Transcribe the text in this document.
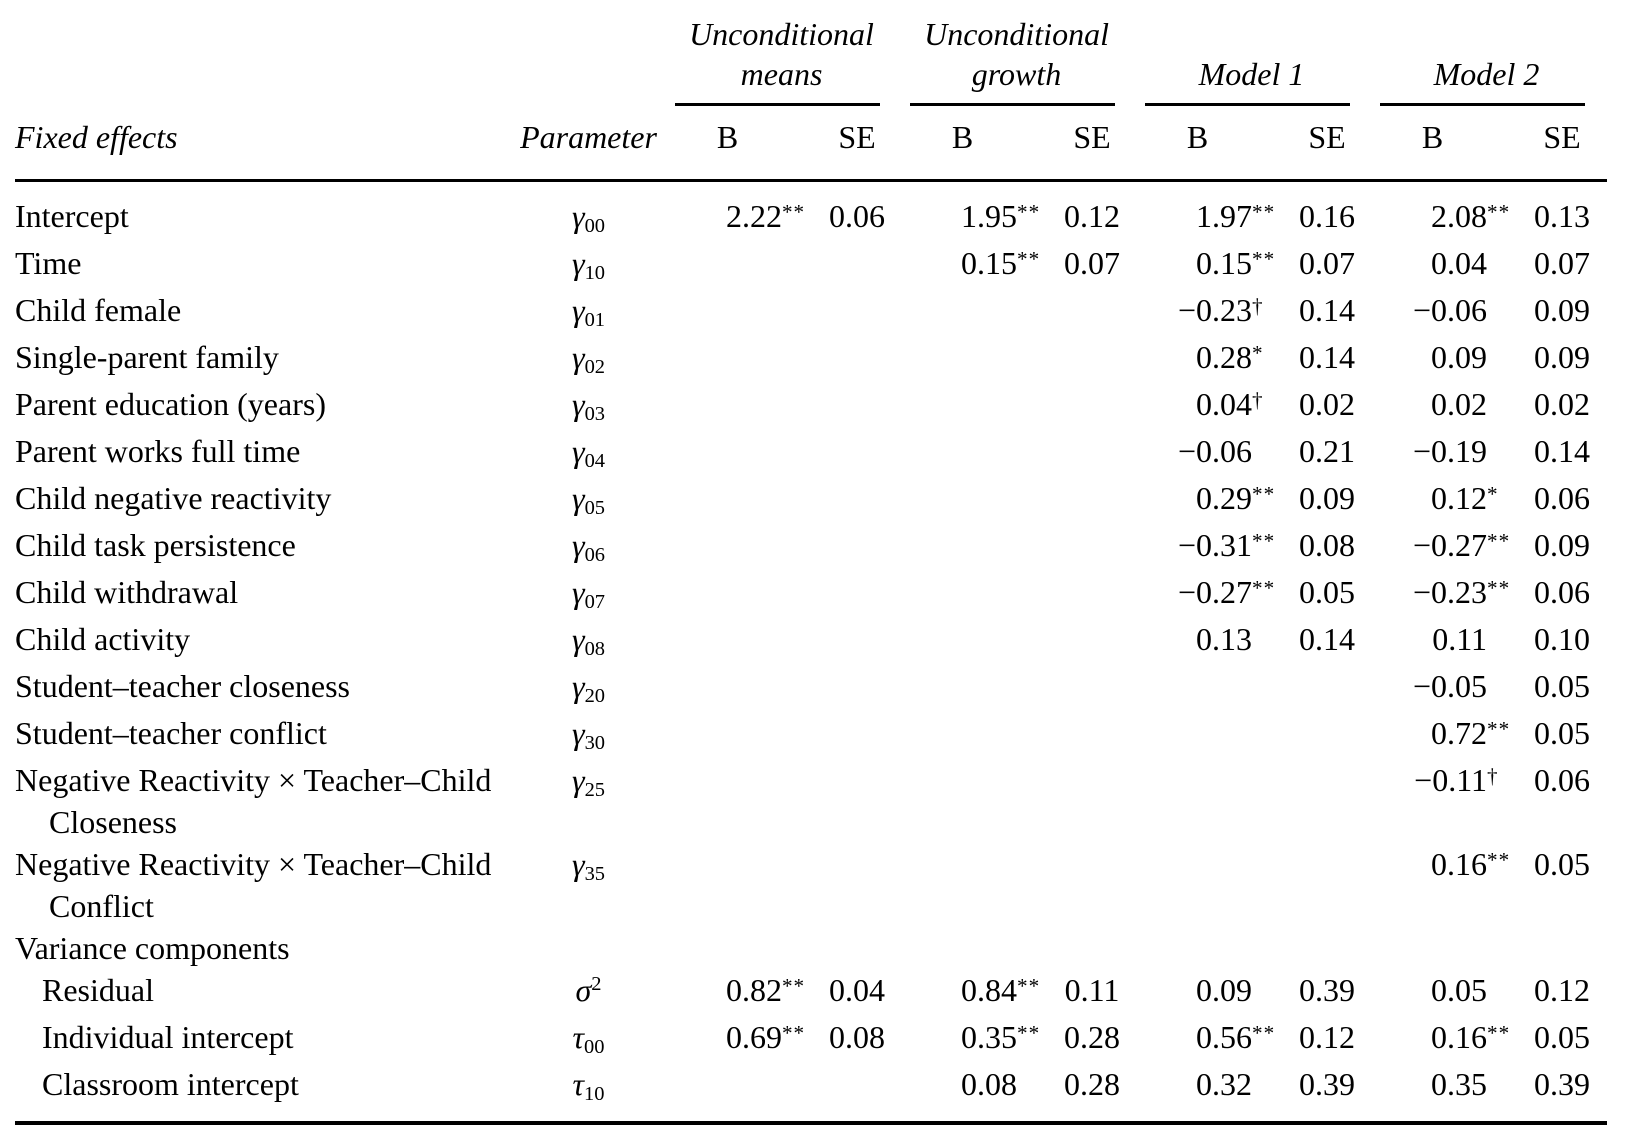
		Unconditional means		Unconditional growth		Model 1		Model 2	

Fixed effects	Parameter	B	SE	B	SE	B	SE	B	SE

Intercept	$\gamma_{00}$	2.22 **	0.06	1.95 **	0.12	1.97 **	0.16	2.08 **	0.13

Time	$\gamma_{10}$			0.15 **	0.07	0.15 **	0.07	0.04	0.07

Child female	$\gamma_{01}$					−0.23 †	0.14	−0.06	0.09

Single-parent family	$\gamma_{02}$					0.28 *	0.14	0.09	0.09

Parent education (years)	$\gamma_{03}$					0.04 †	0.02	0.02	0.02

Parent works full time	$\gamma_{04}$					−0.06	0.21	−0.19	0.14

Child negative reactivity	$\gamma_{05}$					0.29 **	0.09	0.12 *	0.06

Child task persistence	$\gamma_{06}$					−0.31 **	0.08	−0.27 **	0.09

Child withdrawal	$\gamma_{07}$					−0.27 **	0.05	−0.23 **	0.06

Child activity	$\gamma_{08}$					0.13	0.14	0.11	0.10

Student–teacher closeness	$\gamma_{20}$							−0.05	0.05

Student–teacher conflict	$\gamma_{30}$							0.72 **	0.05

Negative Reactivity × Teacher–Child
Closeness
	$\gamma_{25}$							−0.11 †	0.06

Negative Reactivity × Teacher–Child
Conflict
	$\gamma_{35}$							0.16 **	0.05

Variance components									

Residual	$\sigma^2$	0.82 **	0.04	0.84 **	0.11	0.09	0.39	0.05	0.12

Individual intercept	$\tau_{00}$	0.69 **	0.08	0.35 **	0.28	0.56 **	0.12	0.16 **	0.05

Classroom intercept	$\tau_{10}$			0.08	0.28	0.32	0.39	0.35	0.39
